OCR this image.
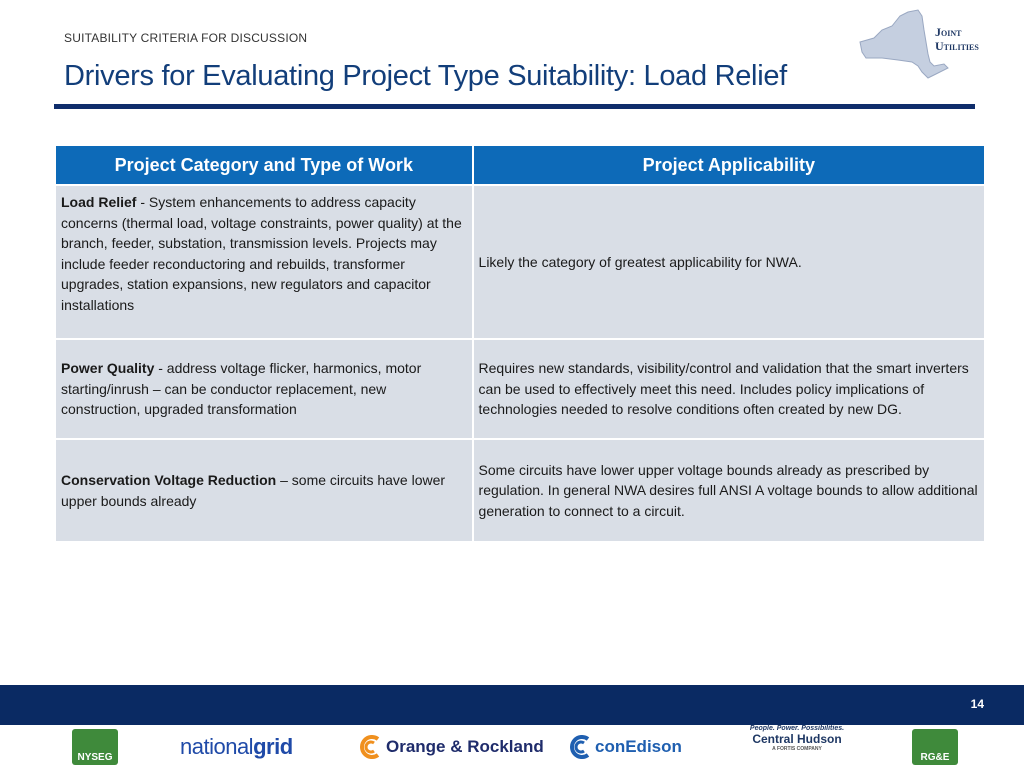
SUITABILITY CRITERIA FOR DISCUSSION
Drivers for Evaluating Project Type Suitability: Load Relief
Joint
Utilities
Project Category and Type of Work	Project Applicability
Load Relief - System enhancements to address capacity concerns (thermal load, voltage constraints, power quality) at the branch, feeder, substation, transmission levels. Projects may include feeder reconductoring and rebuilds, transformer upgrades, station expansions, new regulators and capacitor installations	Likely the category of greatest applicability for NWA.
Power Quality - address voltage flicker, harmonics, motor starting/inrush – can be conductor replacement, new construction, upgraded transformation	Requires new standards, visibility/control and validation that the smart inverters can be used to effectively meet this need. Includes policy implications of technologies needed to resolve conditions often created by new DG.
Conservation Voltage Reduction – some circuits have lower upper bounds already	Some circuits have lower upper voltage bounds already as prescribed by regulation. In general NWA desires full ANSI A voltage bounds to allow additional generation to connect to a circuit.
14
NYSEG	national grid	Orange & Rockland	conEdison
People. Power. Possibilities.
Central Hudson
A FORTIS COMPANY
RG&E
